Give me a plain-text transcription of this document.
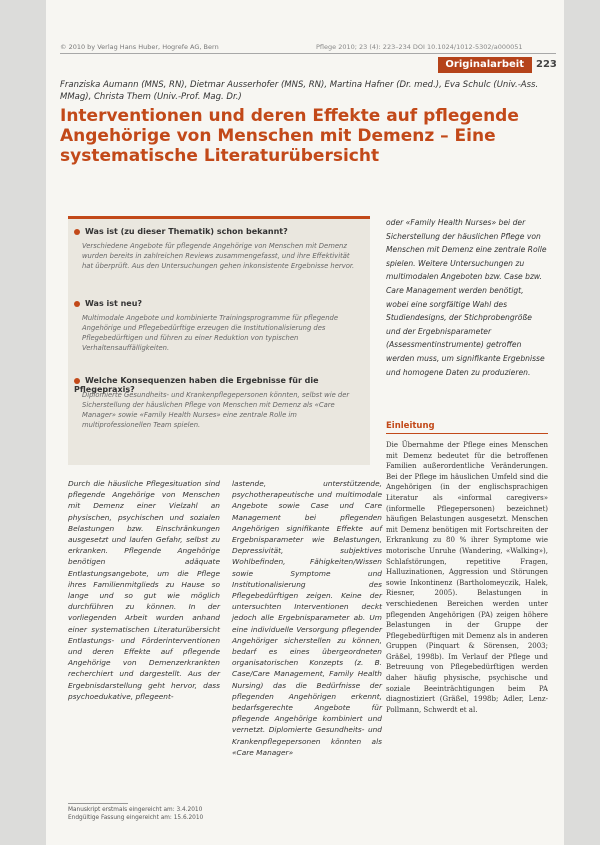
© 2010 by Verlag Hans Huber, Hogrefe AG, Bern	Pflege 2010; 23 (4): 223–234 DOI 10.1024/1012-5302/a000051
Originalarbeit 223
Franziska Aumann (MNS, RN), Dietmar Ausserhofer (MNS, RN), Martina Hafner (Dr. med.), Eva Schulc (Univ.-Ass. MMag), Christa Them (Univ.-Prof. Mag. Dr.)
Interventionen und deren Effekte auf pflegende Angehörige von Menschen mit Demenz – Eine systematische Literaturübersicht
Was ist (zu dieser Thematik) schon bekannt?
Verschiedene Angebote für pflegende Angehörige von Menschen mit Demenz wurden bereits in zahlreichen Reviews zusammengefasst, und ihre Effektivität hat überprüft. Aus den Untersuchungen gehen inkonsistente Ergebnisse hervor.
Was ist neu?
Multimodale Angebote und kombinierte Trainingsprogramme für pflegende Angehörige und Pflegebedürftige erzeugen die Institutionalisierung des Pflegebedürftigen und führen zu einer Reduktion von typischen Verhaltensauffälligkeiten.
Welche Konsequenzen haben die Ergebnisse für die Pflegepraxis?
Diplomierte Gesundheits- und Krankenpflegepersonen könnten, selbst wie der Sicherstellung der häuslichen Pflege von Menschen mit Demenz als «Care Manager» sowie «Family Health Nurses» eine zentrale Rolle im multiprofessionellen Team spielen.
oder «Family Health Nurses» bei der Sicherstellung der häuslichen Pflege von Menschen mit Demenz eine zentrale Rolle spielen. Weitere Untersuchungen zu multimodalen Angeboten bzw. Case bzw. Care Management werden benötigt, wobei eine sorgfältige Wahl des Studiendesigns, der Stichprobengröße und der Ergebnisparameter (Assessmentinstrumente) getroffen werden muss, um signifikante Ergebnisse und homogene Daten zu produzieren.
Einleitung
Die Übernahme der Pflege eines Menschen mit Demenz bedeutet für die betroffenen Familien außerordentliche Veränderungen. Bei der Pflege im häuslichen Umfeld sind die Angehörigen (in der englischsprachigen Literatur als «informal caregivers» (informelle Pflegepersonen) bezeichnet) häufigen Belastungen ausgesetzt. Menschen mit Demenz benötigen mit Fortschreiten der Erkrankung zu 80 % ihrer Symptome wie motorische Unruhe (Wandering, «Walking»), Schlafstörungen, repetitive Fragen, Halluzinationen, Aggression und Störungen sowie Inkontinenz (Bartholomeyczik, Halek, Riesner, 2005). Belastungen in verschiedenen Bereichen werden unter pflegenden Angehörigen (PA) zeigen höhere Belastungen in der Gruppe der Pflegebedürftigen mit Demenz als in anderen Gruppen (Pinquart & Sörensen, 2003; Gräßel, 1998b). Im Verlauf der Pflege und Betreuung von Pflegebedürftigen werden daher häufig physische, psychische und soziale Beeinträchtigungen beim PA diagnostiziert (Gräßel, 1998b; Adler, Lenz-Pollmann, Schwerdt et al.
Durch die häusliche Pflegesituation sind pflegende Angehörige von Menschen mit Demenz einer Vielzahl an physischen, psychischen und sozialen Belastungen bzw. Einschränkungen ausgesetzt und laufen Gefahr, selbst zu erkranken. Pflegende Angehörige benötigen adäquate Entlastungsangebote, um die Pflege ihres Familienmitglieds zu Hause so lange und so gut wie möglich durchführen zu können. In der vorliegenden Arbeit wurden anhand einer systematischen Literaturübersicht Entlastungs- und Förderinterventionen und deren Effekte auf pflegende Angehörige von Demenzerkrankten recherchiert und dargestellt. Aus der Ergebnisdarstellung geht hervor, dass psychoedukative, pflegeent-
lastende, unterstützende, psychotherapeutische und multimodale Angebote sowie Case und Care Management bei pflegenden Angehörigen signifikante Effekte auf Ergebnisparameter wie Belastungen, Depressivität, subjektives Wohlbefinden, Fähigkeiten/Wissen sowie Symptome und Institutionalisierung des Pflegebedürftigen zeigen. Keine der untersuchten Interventionen deckt jedoch alle Ergebnisparameter ab. Um eine individuelle Versorgung pflegender Angehöriger sicherstellen zu können, bedarf es eines übergeordneten organisatorischen Konzepts (z. B. Case/Care Management, Family Health Nursing) das die Bedürfnisse der pflegenden Angehörigen erkennt, bedarfsgerechte Angebote für pflegende Angehörige kombiniert und vernetzt. Diplomierte Gesundheits- und Krankenpflegepersonen könnten als «Care Manager»
Manuskript erstmals eingereicht am: 3.4.2010 Endgültige Fassung eingereicht am: 15.6.2010
